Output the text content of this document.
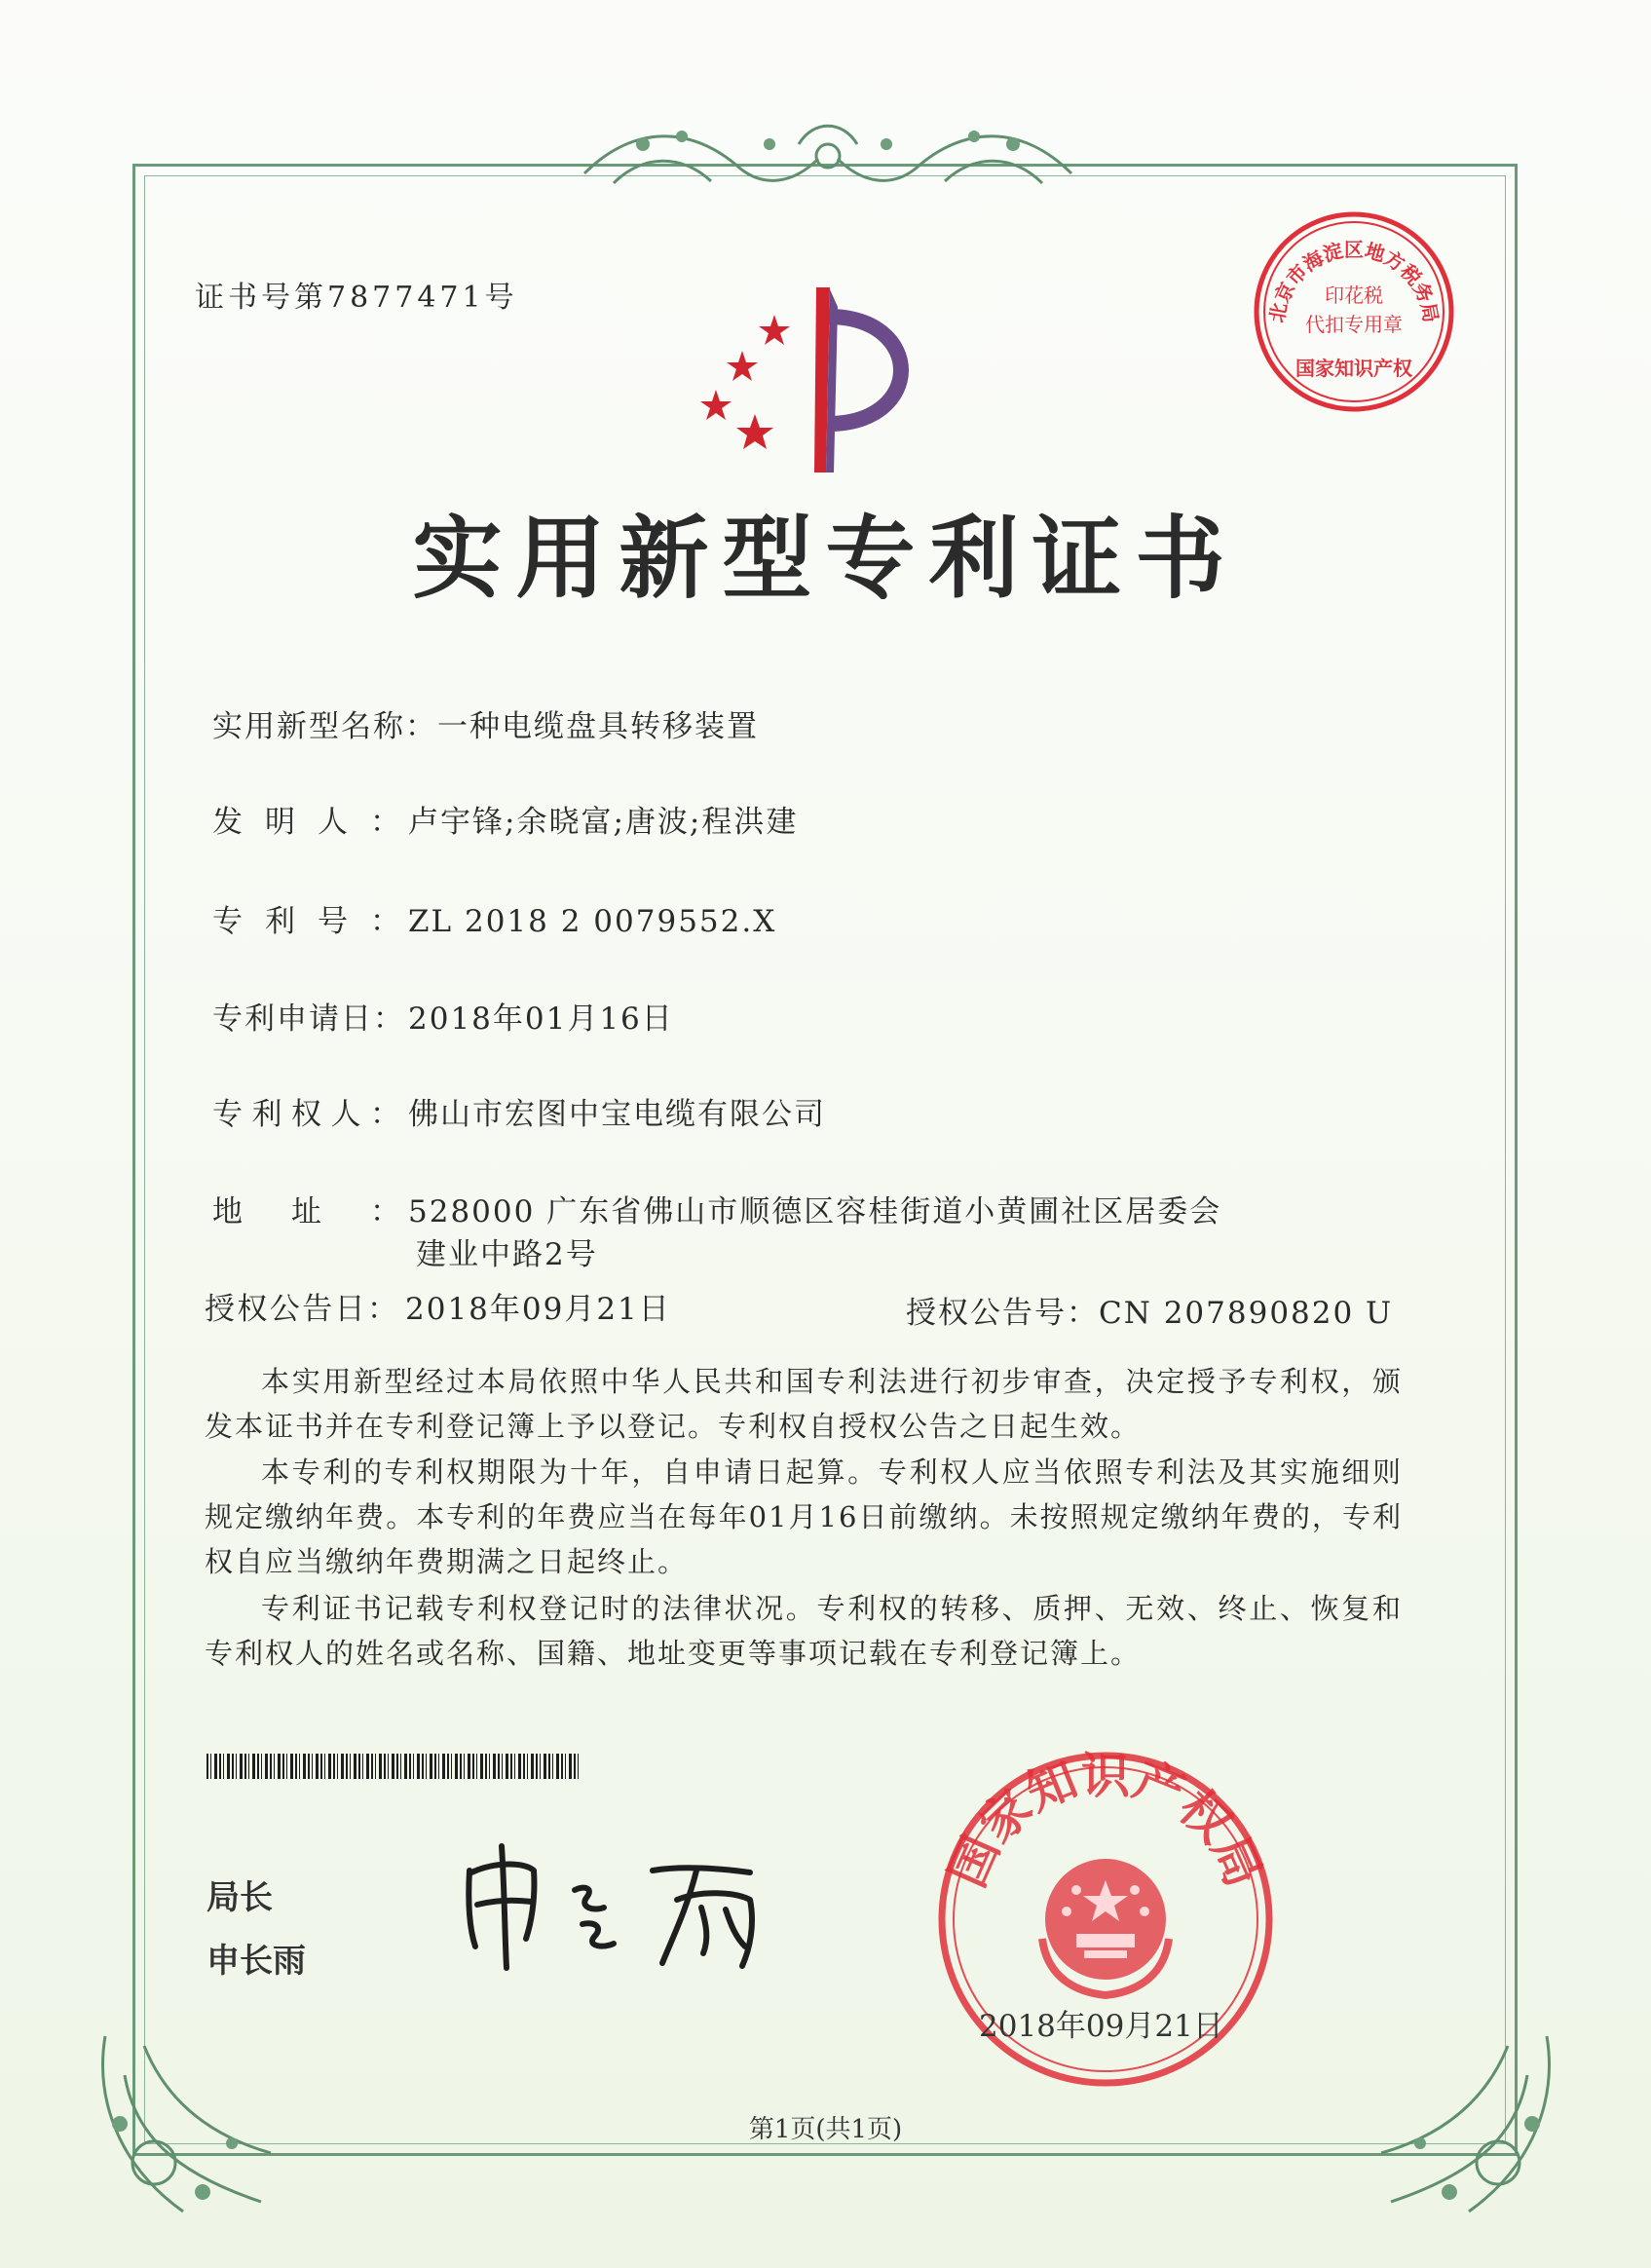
证书号第7877471号	北京市海淀区地方税务局
印花税
代扣专用章
国家知识产权
实用新型专利证书
实用新型名称：一种电缆盘具转移装置
发明人： 卢宇锋;余晓富;唐波;程洪建
专利号： ZL 2018 2 0079552.X
专利申请日：2018年01月16日
专利权人： 佛山市宏图中宝电缆有限公司
地址： 528000 广东省佛山市顺德区容桂街道小黄圃社区居委会
建业中路2号
授权公告日： 2018年09月21日	授权公告号：CN 207890820 U
本实用新型经过本局依照中华人民共和国专利法进行初步审查，决定授予专利权，颁发本证书并在专利登记簿上予以登记。专利权自授权公告之日起生效。
本专利的专利权期限为十年，自申请日起算。专利权人应当依照专利法及其实施细则规定缴纳年费。本专利的年费应当在每年01月16日前缴纳。未按照规定缴纳年费的，专利权自应当缴纳年费期满之日起终止。
专利证书记载专利权登记时的法律状况。专利权的转移、质押、无效、终止、恢复和专利权人的姓名或名称、国籍、地址变更等事项记载在专利登记簿上。
局长
申长雨
国家知识产权局
2018年09月21日
第1页(共1页)
